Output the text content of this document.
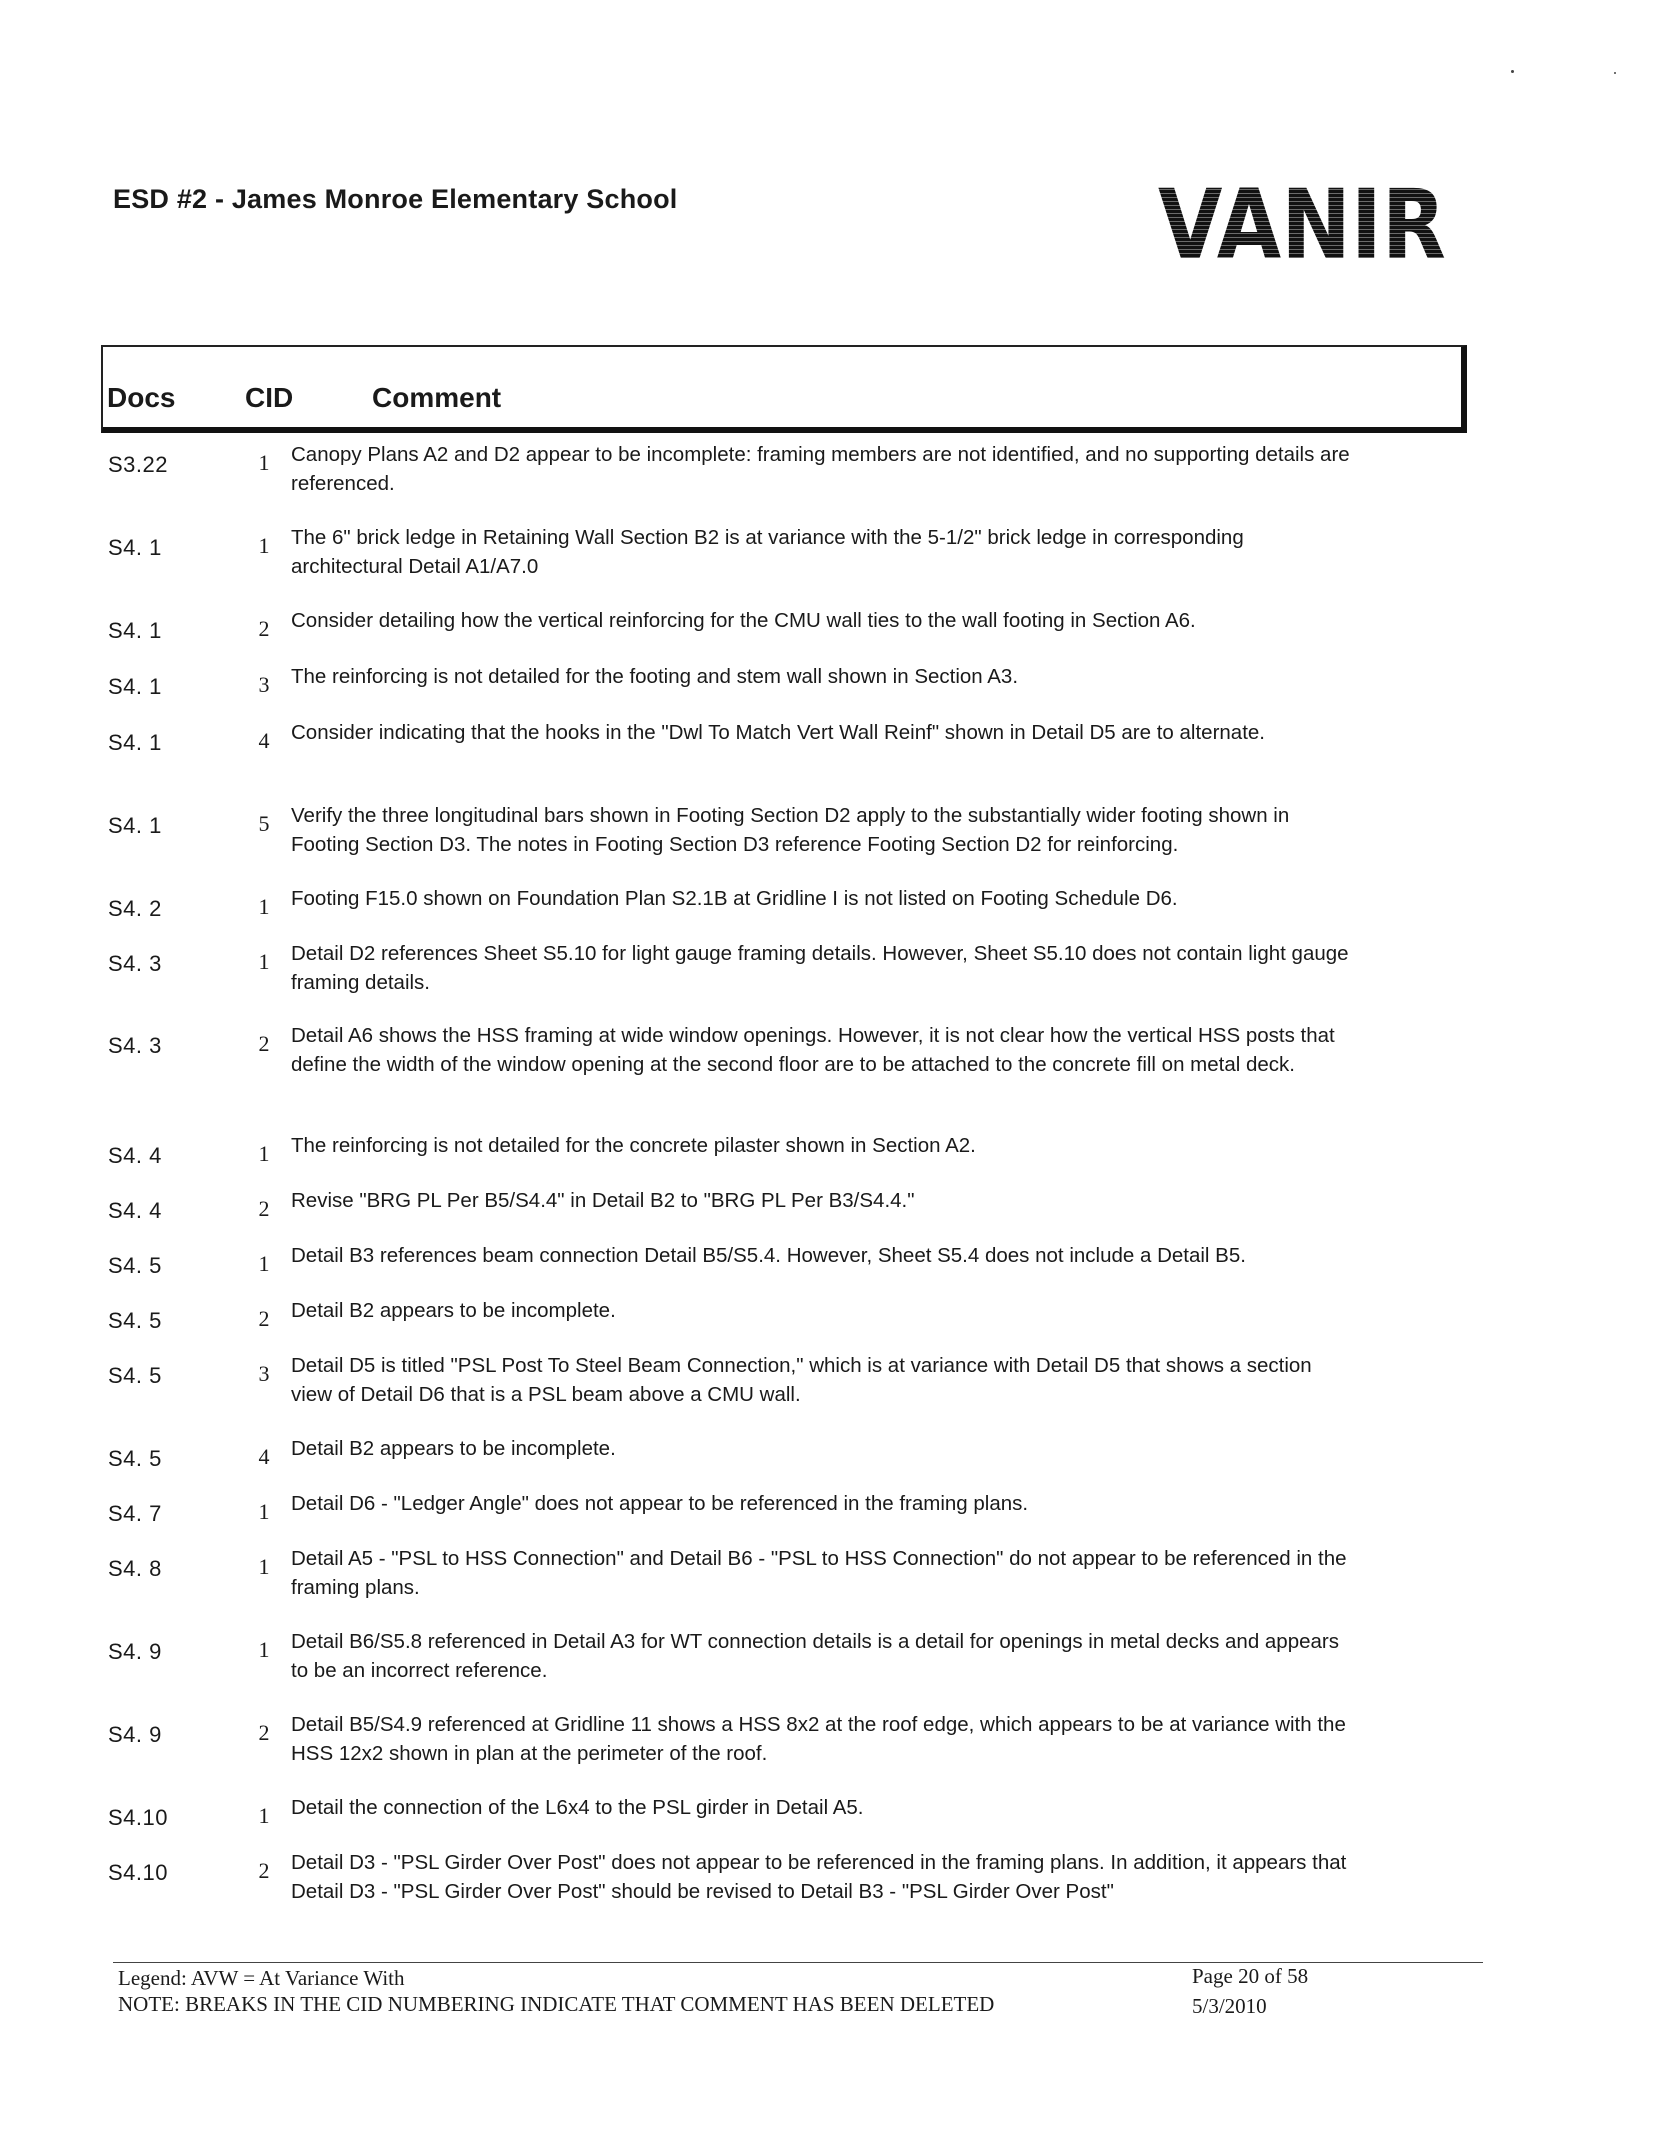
ESD #2 - James Monroe Elementary School	VANIR
Docs CID	Comment
S3.22	1 Canopy Plans A2 and D2 appear to be incomplete: framing members are not identified, and no supporting details are referenced.
S4. 1	1 The 6" brick ledge in Retaining Wall Section B2 is at variance with the 5-1/2" brick ledge in corresponding architectural Detail A1/A7.0
S4. 1	2 Consider detailing how the vertical reinforcing for the CMU wall ties to the wall footing in Section A6.
S4. 1	3 The reinforcing is not detailed for the footing and stem wall shown in Section A3.
S4. 1	4 Consider indicating that the hooks in the "Dwl To Match Vert Wall Reinf" shown in Detail D5 are to alternate.
S4. 1	5 Verify the three longitudinal bars shown in Footing Section D2 apply to the substantially wider footing shown in Footing Section D3. The notes in Footing Section D3 reference Footing Section D2 for reinforcing.
S4. 2	1 Footing F15.0 shown on Foundation Plan S2.1B at Gridline I is not listed on Footing Schedule D6.
S4. 3	1 Detail D2 references Sheet S5.10 for light gauge framing details. However, Sheet S5.10 does not contain light gauge framing details.
S4. 3	2 Detail A6 shows the HSS framing at wide window openings. However, it is not clear how the vertical HSS posts that define the width of the window opening at the second floor are to be attached to the concrete fill on metal deck.
S4. 4	1 The reinforcing is not detailed for the concrete pilaster shown in Section A2.
S4. 4	2 Revise "BRG PL Per B5/S4.4" in Detail B2 to "BRG PL Per B3/S4.4."
S4. 5	1 Detail B3 references beam connection Detail B5/S5.4. However, Sheet S5.4 does not include a Detail B5.
S4. 5	2 Detail B2 appears to be incomplete.
S4. 5	3 Detail D5 is titled "PSL Post To Steel Beam Connection," which is at variance with Detail D5 that shows a section view of Detail D6 that is a PSL beam above a CMU wall.
S4. 5	4 Detail B2 appears to be incomplete.
S4. 7	1 Detail D6 - "Ledger Angle" does not appear to be referenced in the framing plans.
S4. 8	1 Detail A5 - "PSL to HSS Connection" and Detail B6 - "PSL to HSS Connection" do not appear to be referenced in the framing plans.
S4. 9	1 Detail B6/S5.8 referenced in Detail A3 for WT connection details is a detail for openings in metal decks and appears to be an incorrect reference.
S4. 9	2 Detail B5/S4.9 referenced at Gridline 11 shows a HSS 8x2 at the roof edge, which appears to be at variance with the HSS 12x2 shown in plan at the perimeter of the roof.
S4.10	1 Detail the connection of the L6x4 to the PSL girder in Detail A5.
S4.10	2 Detail D3 - "PSL Girder Over Post" does not appear to be referenced in the framing plans. In addition, it appears that Detail D3 - "PSL Girder Over Post" should be revised to Detail B3 - "PSL Girder Over Post"
Legend: AVW = At Variance With
NOTE: BREAKS IN THE CID NUMBERING INDICATE THAT COMMENT HAS BEEN DELETED
Page 20 of 58
5/3/2010
